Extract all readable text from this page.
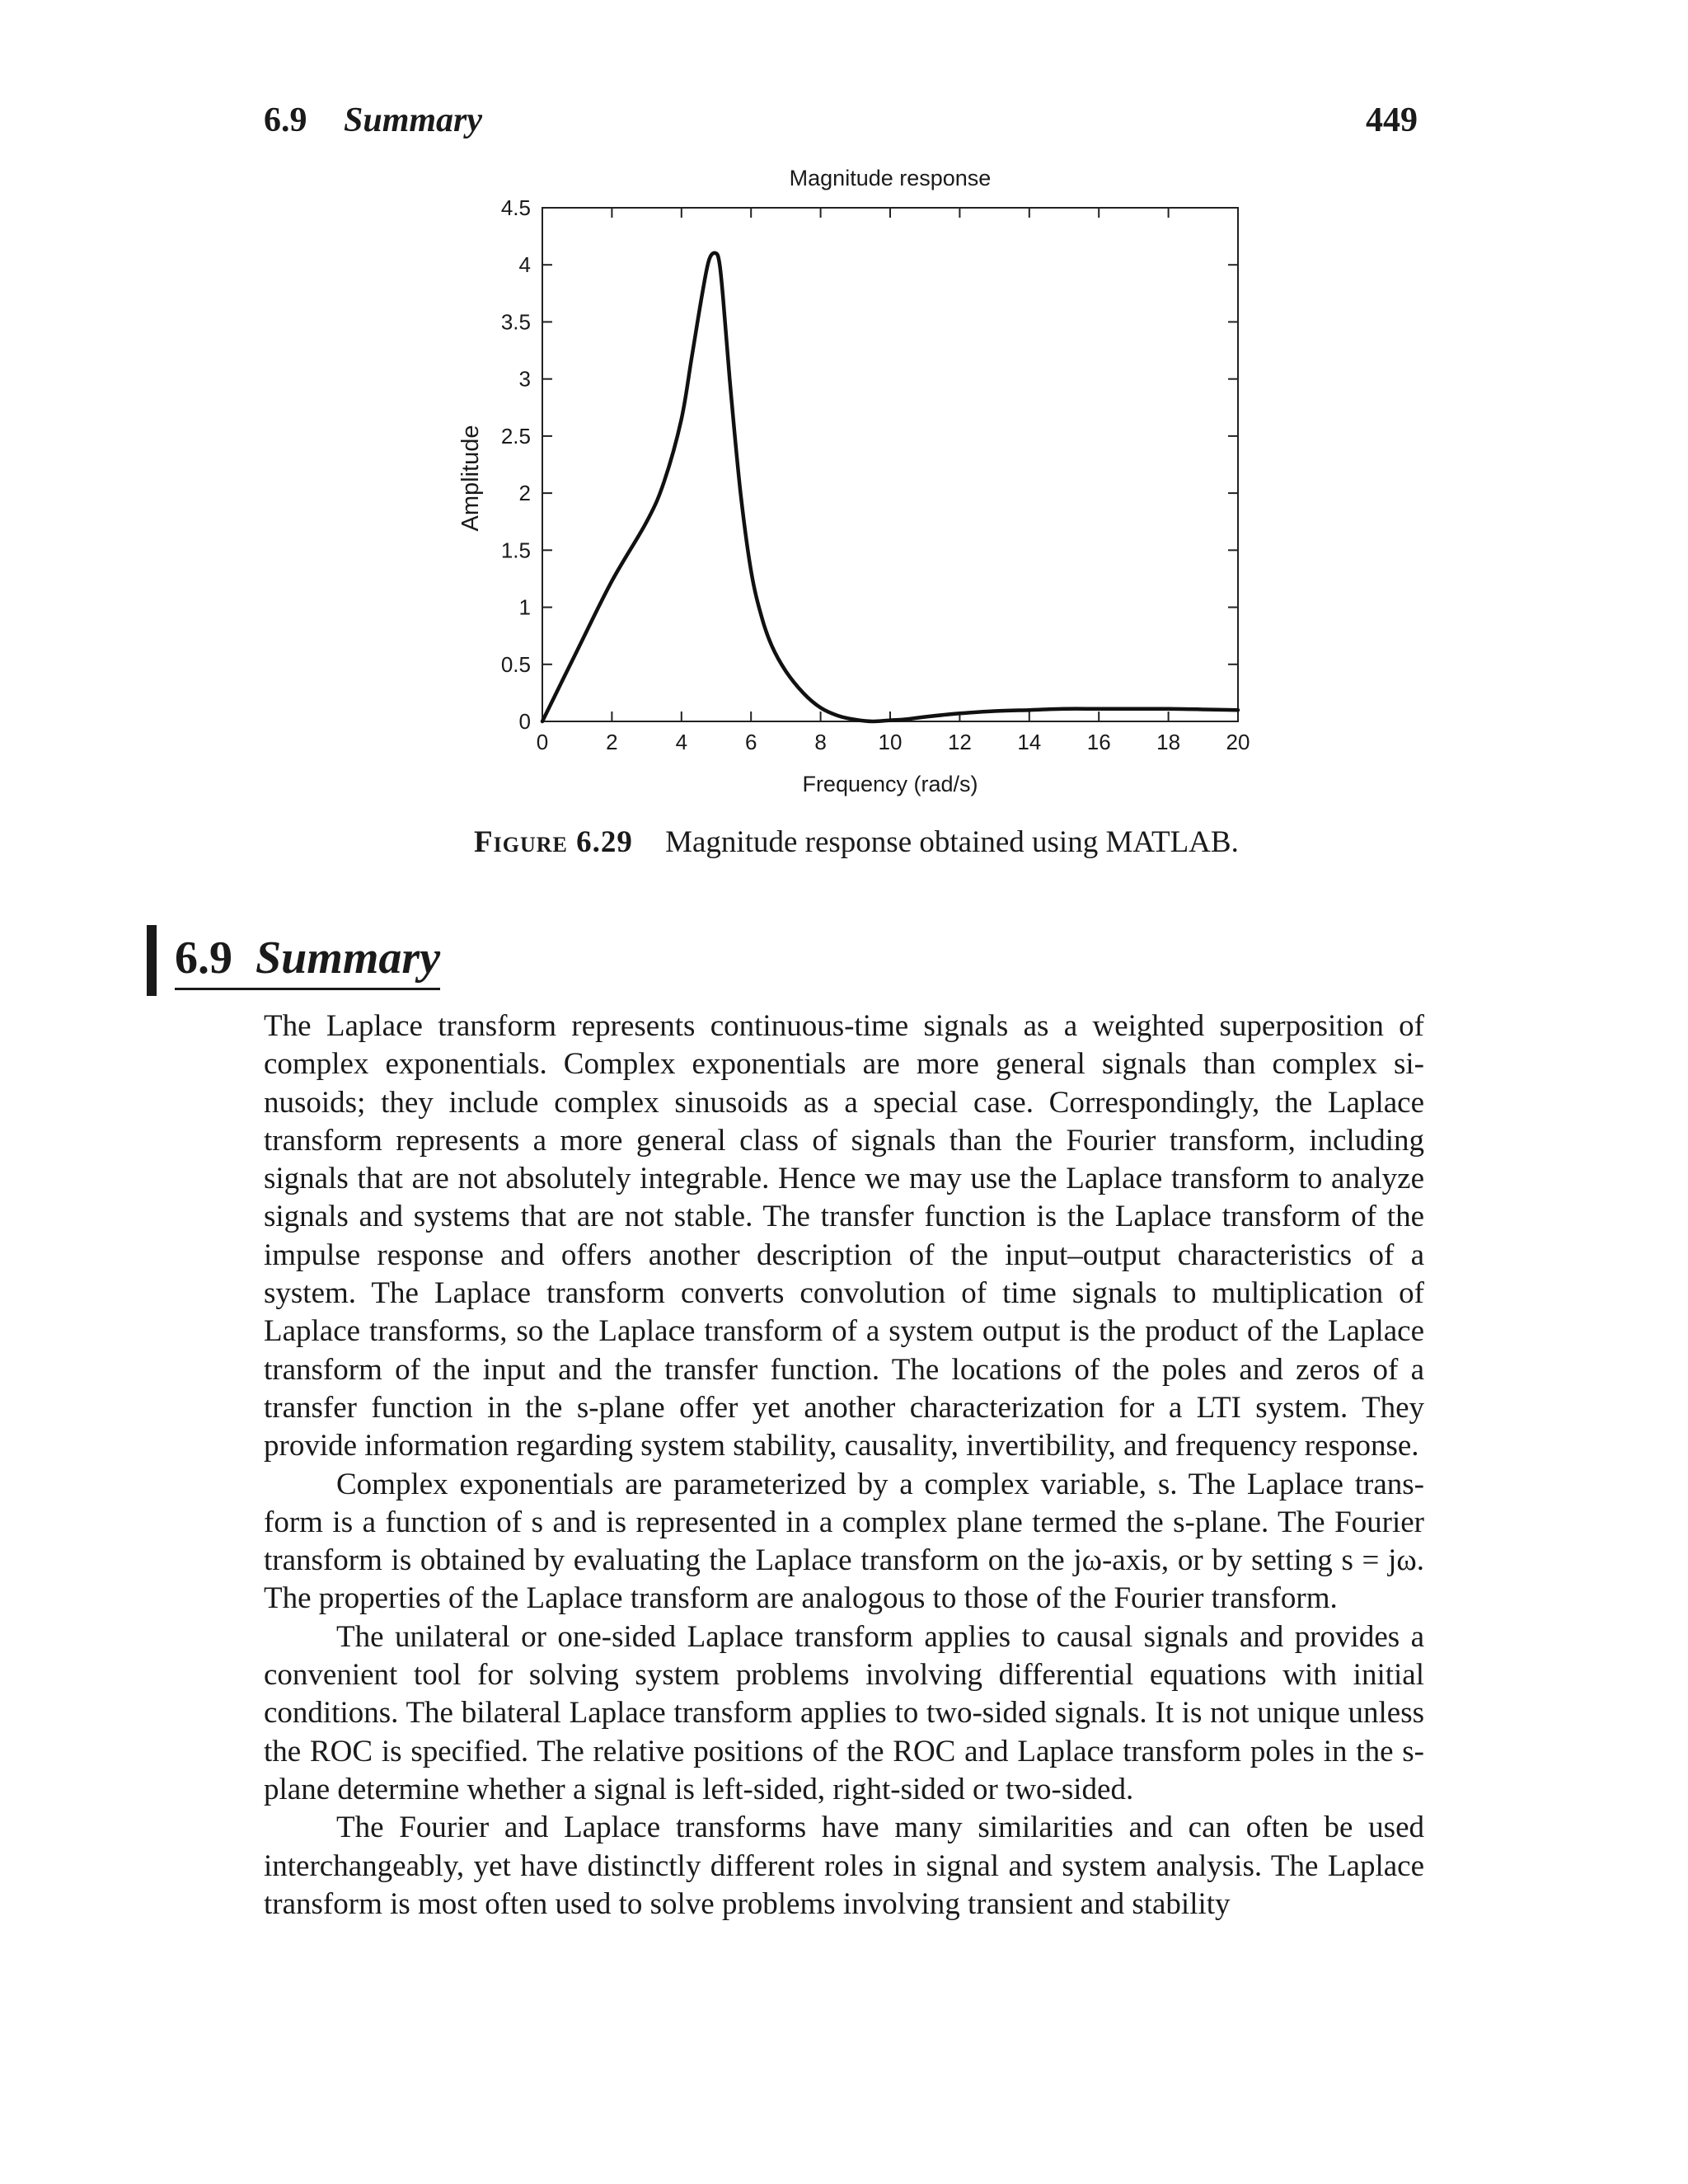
6.9 Summary	449
Magnitude response
Amplitude
Frequency (rad/s)
0	2	4	6	8 10 12 14 16 18 20
0
0.5
1
1.5
2
2.5
3
3.5
4
4.5
Figure 6.29 Magnitude response obtained using MATLAB.
6.9 Summary

The Laplace transform represents continuous-time signals as a weighted superposition of complex exponentials. Complex exponentials are more general signals than complex sinusoids; they include complex sinusoids as a special case. Correspondingly, the Laplace transform represents a more general class of signals than the Fourier transform, including signals that are not absolutely integrable. Hence we may use the Laplace transform to analyze signals and systems that are not stable. The transfer function is the Laplace transform of the impulse response and offers another description of the input–output characteristics of a system. The Laplace transform converts convolution of time signals to multiplication of Laplace transforms, so the Laplace transform of a system output is the product of the Laplace transform of the input and the transfer function. The locations of the poles and zeros of a transfer function in the s-plane offer yet another characterization for a LTI system. They provide information regarding system stability, causality, invertibility, and frequency response.

Complex exponentials are parameterized by a complex variable, s. The Laplace transform is a function of s and is represented in a complex plane termed the s-plane. The Fourier transform is obtained by evaluating the Laplace transform on the jω-axis, or by setting s = jω. The properties of the Laplace transform are analogous to those of the Fourier transform.

The unilateral or one-sided Laplace transform applies to causal signals and provides a convenient tool for solving system problems involving differential equations with initial conditions. The bilateral Laplace transform applies to two-sided signals. It is not unique unless the ROC is specified. The relative positions of the ROC and Laplace transform poles in the s-plane determine whether a signal is left-sided, right-sided or two-sided.

The Fourier and Laplace transforms have many similarities and can often be used interchangeably, yet have distinctly different roles in signal and system analysis. The Laplace transform is most often used to solve problems involving transient and stability
